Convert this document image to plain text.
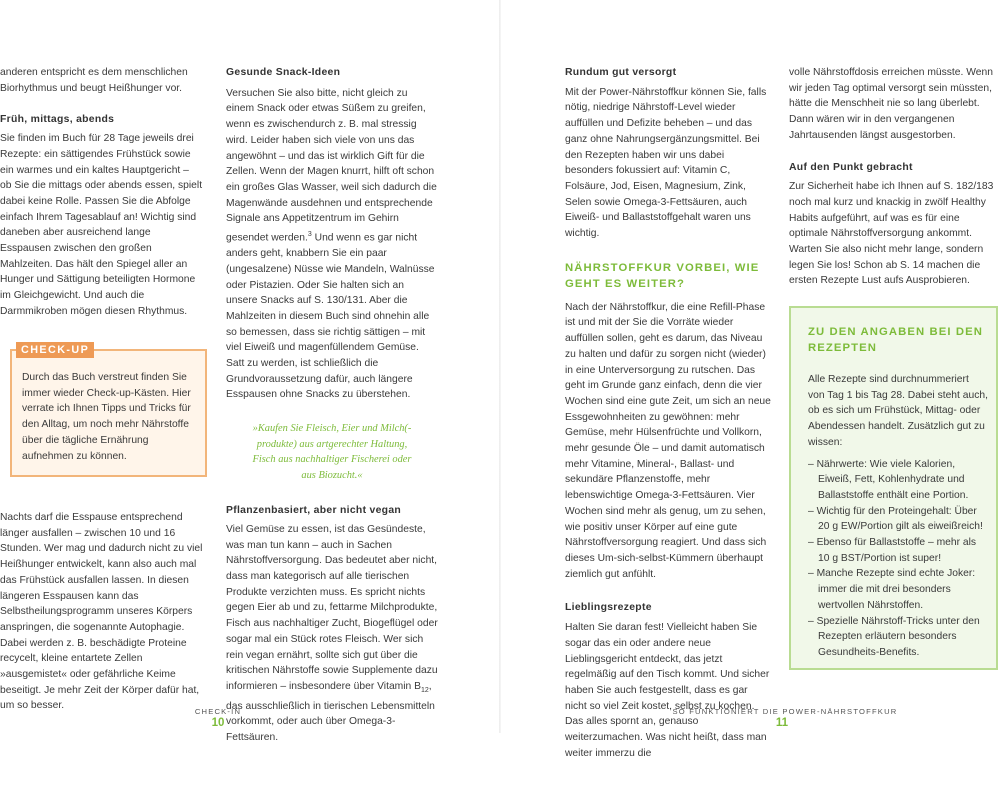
anderen entspricht es dem menschlichen Biorhythmus und beugt Heißhunger vor.

Früh, mittags, abends

Sie finden im Buch für 28 Tage jeweils drei Rezepte: ein sättigendes Frühstück sowie ein warmes und ein kaltes Hauptgericht – ob Sie die mittags oder abends essen, spielt dabei keine Rolle. Passen Sie die Abfolge einfach Ihrem Tagesablauf an! Wichtig sind daneben aber ausreichend lange Esspausen zwischen den großen Mahlzeiten. Das hält den Spiegel aller an Hunger und Sättigung beteiligten Hormone im Gleichgewicht. Und auch die Darmmikroben mögen diesen Rhythmus.

CHECK-UP
Durch das Buch verstreut finden Sie immer wieder Check-up-Kästen. Hier verrate ich Ihnen Tipps und Tricks für den Alltag, um noch mehr Nährstoffe über die tägliche Ernährung aufnehmen zu können.

Nachts darf die Esspause entsprechend länger ausfallen – zwischen 10 und 16 Stunden. Wer mag und dadurch nicht zu viel Heißhunger entwickelt, kann also auch mal das Frühstück ausfallen lassen. In diesen längeren Esspausen kann das Selbstheilungsprogramm unseres Körpers anspringen, die sogenannte Autophagie. Dabei werden z. B. beschädigte Proteine recycelt, kleine entartete Zellen »ausgemistet« oder gefährliche Keime beseitigt. Je mehr Zeit der Körper dafür hat, um so besser.

Gesunde Snack-Ideen

Versuchen Sie also bitte, nicht gleich zu einem Snack oder etwas Süßem zu greifen, wenn es zwischendurch z. B. mal stressig wird. Leider haben sich viele von uns das angewöhnt – und das ist wirklich Gift für die Zellen. Wenn der Magen knurrt, hilft oft schon ein großes Glas Wasser, weil sich dadurch die Magenwände ausdehnen und entsprechende Signale ans Appetitzentrum im Gehirn gesendet werden.$^3$ Und wenn es gar nicht anders geht, knabbern Sie ein paar (ungesalzene) Nüsse wie Mandeln, Walnüsse oder Pistazien. Oder Sie halten sich an unsere Snacks auf S. 130/131. Aber die Mahlzeiten in diesem Buch sind ohnehin alle so bemessen, dass sie richtig sättigen – mit viel Eiweiß und magenfüllendem Gemüse. Satt zu werden, ist schließlich die Grundvoraussetzung dafür, auch längere Esspausen ohne Snacks zu überstehen.

»Kaufen Sie Fleisch, Eier und Milch(-produkte) aus artgerechter Haltung, Fisch aus nachhaltiger Fischerei oder aus Biozucht.«

Pflanzenbasiert, aber nicht vegan

Viel Gemüse zu essen, ist das Gesündeste, was man tun kann – auch in Sachen Nährstoffversorgung. Das bedeutet aber nicht, dass man kategorisch auf alle tierischen Produkte verzichten muss. Es spricht nichts gegen Eier ab und zu, fettarme Milchprodukte, Fisch aus nachhaltiger Zucht, Biogeflügel oder sogar mal ein Stück rotes Fleisch. Wer sich rein vegan ernährt, sollte sich gut über die kritischen Nährstoffe sowie Supplemente dazu informieren – insbesondere über Vitamin $B_{12}$, das ausschließlich in tierischen Lebensmitteln vorkommt, oder auch über Omega-3-Fettsäuren.

Rundum gut versorgt

Mit der Power-Nährstoffkur können Sie, falls nötig, niedrige Nährstoff-Level wieder auffüllen und Defizite beheben – und das ganz ohne Nahrungsergänzungsmittel. Bei den Rezepten haben wir uns dabei besonders fokussiert auf: Vitamin C, Folsäure, Jod, Eisen, Magnesium, Zink, Selen sowie Omega-3-Fettsäuren, auch Eiweiß- und Ballaststoffgehalt waren uns wichtig.

NÄHRSTOFFKUR VORBEI, WIE GEHT ES WEITER?

Nach der Nährstoffkur, die eine Refill-Phase ist und mit der Sie die Vorräte wieder auffüllen sollen, geht es darum, das Niveau zu halten und dafür zu sorgen nicht (wieder) in eine Unterversorgung zu rutschen. Das geht im Grunde ganz einfach, denn die vier Wochen sind eine gute Zeit, um sich an neue Essgewohnheiten zu gewöhnen: mehr Gemüse, mehr Hülsenfrüchte und Vollkorn, mehr gesunde Öle – und damit automatisch mehr Vitamine, Mineral-, Ballast- und sekundäre Pflanzenstoffe, mehr lebenswichtige Omega-3-Fettsäuren. Vier Wochen sind mehr als genug, um zu sehen, wie positiv unser Körper auf eine gute Nährstoffversorgung reagiert. Und dass sich dieses Um-sich-selbst-Kümmern überhaupt ziemlich gut anfühlt.

Lieblingsrezepte

Halten Sie daran fest! Vielleicht haben Sie sogar das ein oder andere neue Lieblingsgericht entdeckt, das jetzt regelmäßig auf den Tisch kommt. Und sicher haben Sie auch festgestellt, dass es gar nicht so viel Zeit kostet, selbst zu kochen. Das alles spornt an, genauso weiterzumachen. Was nicht heißt, dass man weiter immerzu die

volle Nährstoffdosis erreichen müsste. Wenn wir jeden Tag optimal versorgt sein müssten, hätte die Menschheit nie so lang überlebt. Dann wären wir in den vergangenen Jahrtausenden längst ausgestorben.

Auf den Punkt gebracht

Zur Sicherheit habe ich Ihnen auf S. 182/183 noch mal kurz und knackig in zwölf Healthy Habits aufgeführt, auf was es für eine optimale Nährstoffversorgung ankommt. Warten Sie also nicht mehr lange, sondern legen Sie los! Schon ab S. 14 machen die ersten Rezepte Lust aufs Ausprobieren.

ZU DEN ANGABEN BEI DEN REZEPTEN

Alle Rezepte sind durchnummeriert von Tag 1 bis Tag 28. Dabei steht auch, ob es sich um Frühstück, Mittag- oder Abendessen handelt. Zusätzlich gut zu wissen:

– Nährwerte: Wie viele Kalorien, Eiweiß, Fett, Kohlenhydrate und Ballaststoffe enthält eine Portion.
– Wichtig für den Proteingehalt: Über 20 g EW/Portion gilt als eiweißreich!
– Ebenso für Ballaststoffe – mehr als 10 g BST/Portion ist super!
– Manche Rezepte sind echte Joker: immer die mit drei besonders wertvollen Nährstoffen.
– Spezielle Nährstoff-Tricks unter den Rezepten erläutern besonders Gesundheits-Benefits.
CHECK-IN
10
SO FUNKTIONIERT DIE POWER-NÄHRSTOFFKUR
11
